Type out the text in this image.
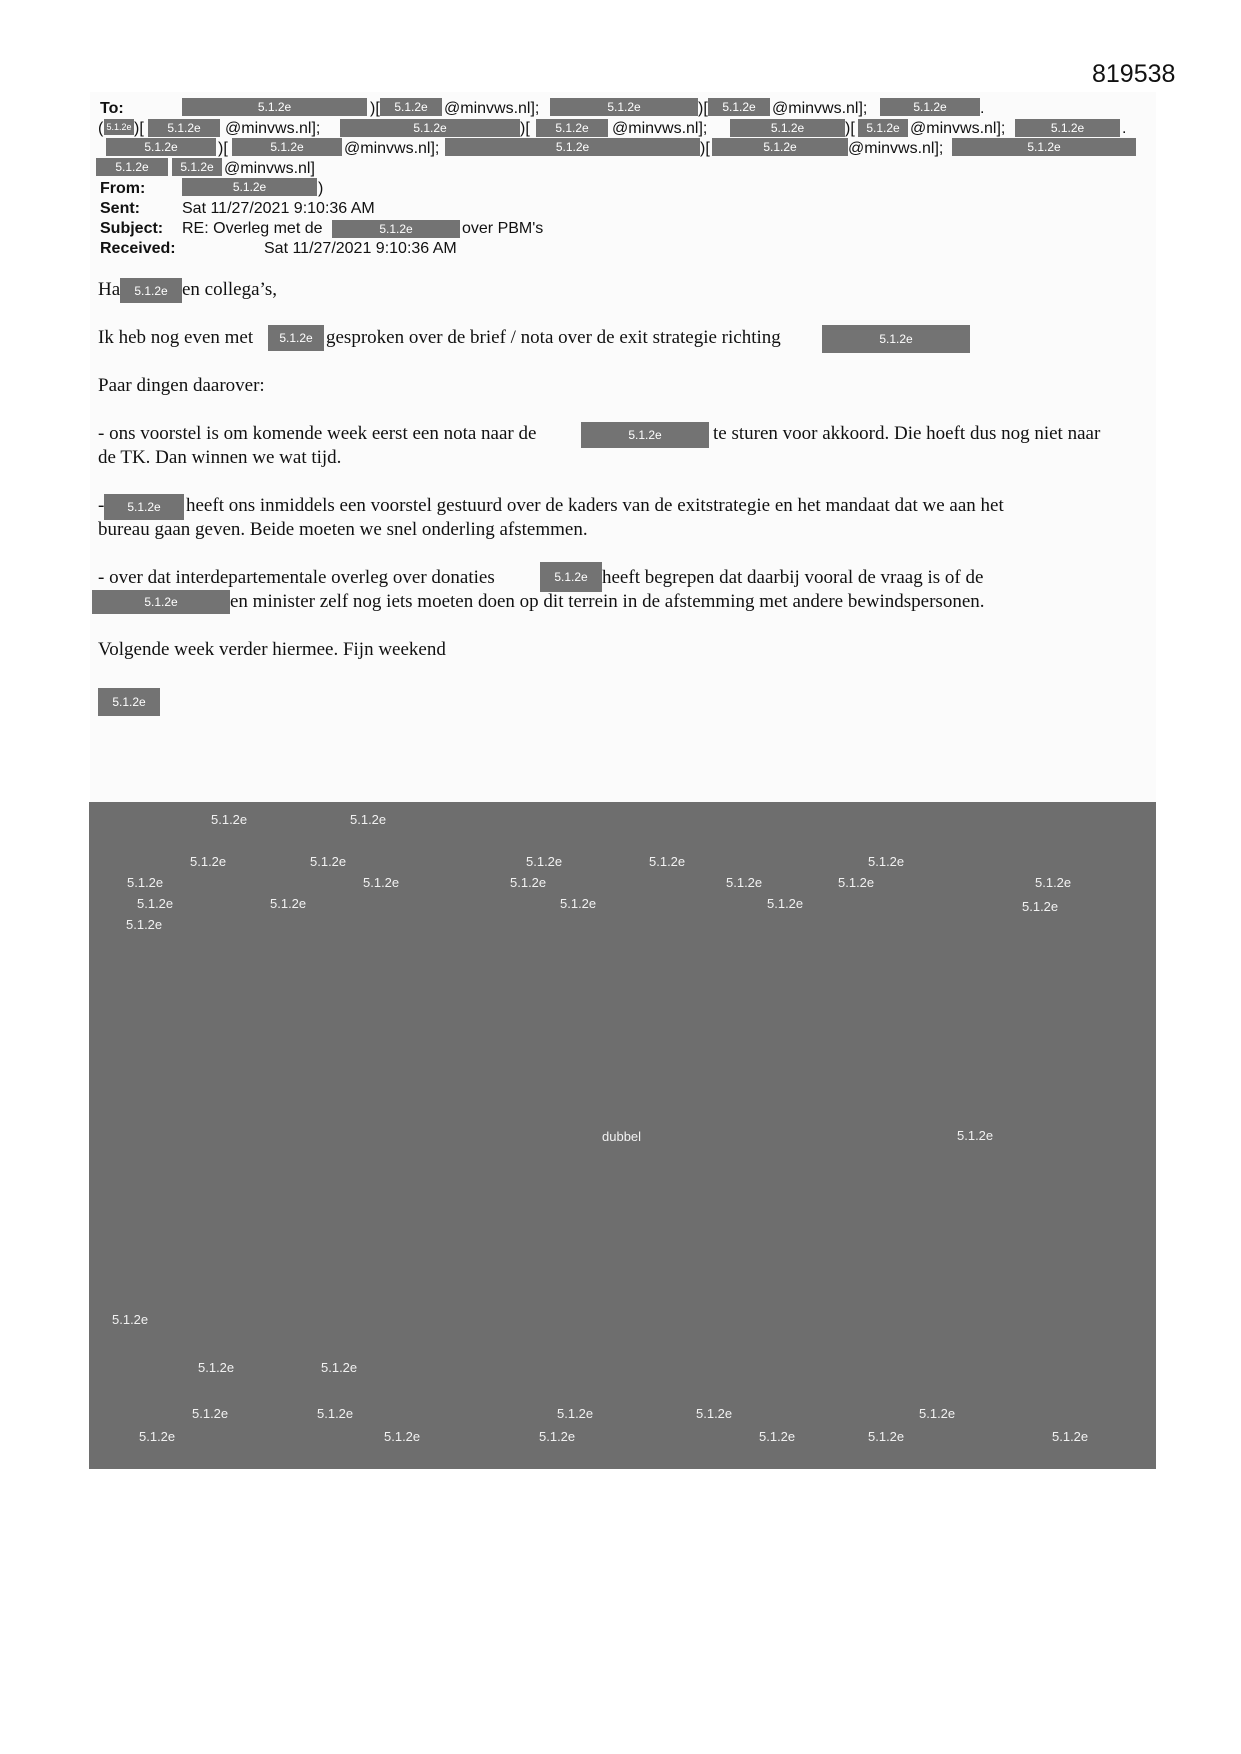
819538
To:	5.1.2e	)[	5.1.2e	@minvws.nl];	5.1.2e	)[	5.1.2e	@minvws.nl];	5.1.2e	.
( 5.1.2e )[	5.1.2e	@minvws.nl];	5.1.2e	)[	5.1.2e	@minvws.nl];	5.1.2e	)[ 5.1.2e @minvws.nl];	5.1.2e	.
5.1.2e	)[	5.1.2e	@minvws.nl];	5.1.2e	)[	5.1.2e	@minvws.nl];	5.1.2e
5.1.2e	5.1.2e @minvws.nl]
From:	5.1.2e	)
Sent:	Sat 11/27/2021 9:10:36 AM
Subject: RE: Overleg met de	5.1.2e	over PBM's
Received:	Sat 11/27/2021 9:10:36 AM
Ha	5.1.2e en collega’s,
Ik heb nog even met	5.1.2e gesproken over de brief / nota over de exit strategie richting	5.1.2e
Paar dingen daarover:
- ons voorstel is om komende week eerst een nota naar de	5.1.2e	te sturen voor akkoord. Die hoeft dus nog niet naar
de TK. Dan winnen we wat tijd.
-	5.1.2e	heeft ons inmiddels een voorstel gestuurd over de kaders van de exitstrategie en het mandaat dat we aan het
bureau gaan geven. Beide moeten we snel onderling afstemmen.
- over dat interdepartementale overleg over donaties	5.1.2e heeft begrepen dat daarbij vooral de vraag is of de
5.1.2e	en minister zelf nog iets moeten doen op dit terrein in de afstemming met andere bewindspersonen.
Volgende week verder hiermee. Fijn weekend
5.1.2e
5.1.2e	5.1.2e
5.1.2e	5.1.2e	5.1.2e	5.1.2e	5.1.2e
5.1.2e	5.1.2e	5.1.2e	5.1.2e	5.1.2e	5.1.2e
5.1.2e	5.1.2e	5.1.2e	5.1.2e	5.1.2e
5.1.2e
dubbel	5.1.2e
5.1.2e
5.1.2e	5.1.2e
5.1.2e	5.1.2e	5.1.2e	5.1.2e	5.1.2e
5.1.2e	5.1.2e	5.1.2e	5.1.2e	5.1.2e	5.1.2e
